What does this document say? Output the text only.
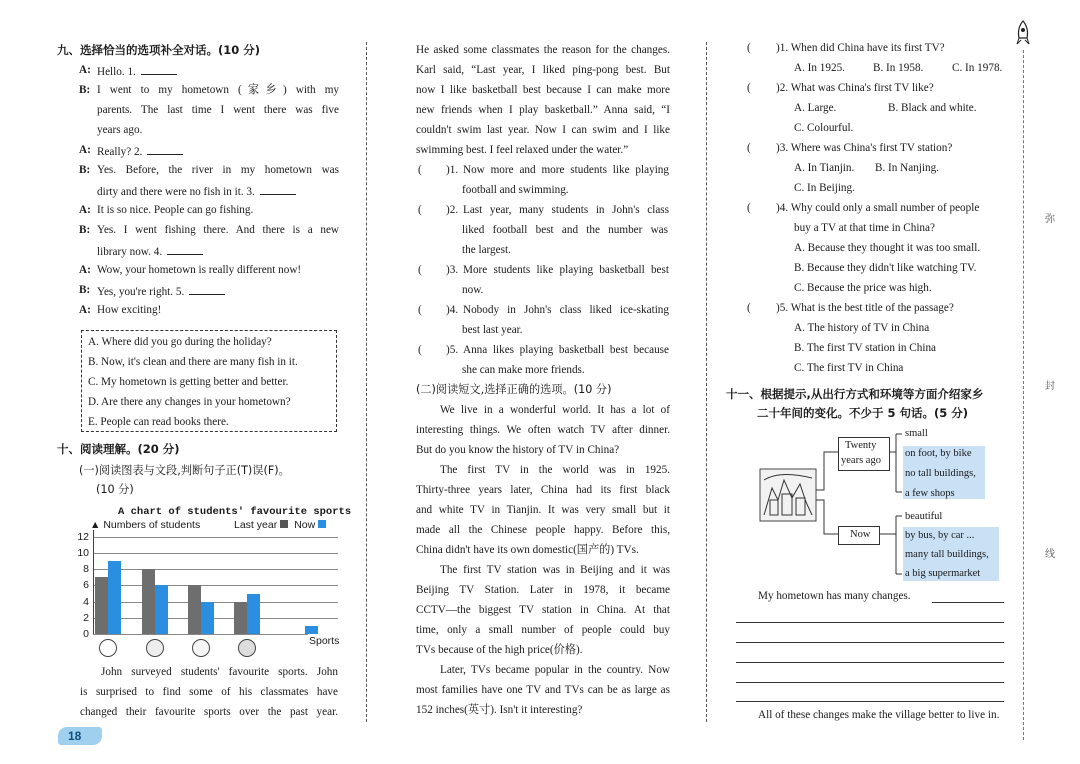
九、选择恰当的选项补全对话。(10 分)
A: Hello. 1.
B: I went to my hometown (家乡) with my
parents. The last time I went there was five
years ago.
A: Really? 2.
B: Yes. Before, the river in my hometown was
dirty and there were no fish in it. 3.
A: It is so nice. People can go fishing.
B: Yes. I went fishing there. And there is a new
library now. 4.
A: Wow, your hometown is really different now!
B: Yes, you're right. 5.
A: How exciting!
A. Where did you go during the holiday?
B. Now, it's clean and there are many fish in it.
C. My hometown is getting better and better.
D. Are there any changes in your hometown?
E. People can read books there.
十、阅读理解。(20 分)
(一)阅读图表与文段,判断句子正(T)误(F)。
(10 分)
A chart of students' favourite sports
▲ Numbers of students	Last year Now
0
2
4
6
8
10
12
Sports
John surveyed students' favourite sports. John
is surprised to find some of his classmates have
changed their favourite sports over the past year.
18
He asked some classmates the reason for the changes.
Karl said, “Last year, I liked ping-pong best. But
now I like basketball best because I can make more
new friends when I play basketball.” Anna said, “I
couldn't swim last year. Now I can swim and I like
swimming best. I feel relaxed under the water.”
( )1. Now more and more students like playing
football and swimming.
( )2. Last year, many students in John's class
liked football best and the number was
the largest.
( )3. More students like playing basketball best
now.
( )4. Nobody in John's class liked ice-skating
best last year.
( )5. Anna likes playing basketball best because
she can make more friends.
(二)阅读短文,选择正确的选项。(10 分)
We live in a wonderful world. It has a lot of
interesting things. We often watch TV after dinner.
But do you know the history of TV in China?
The first TV in the world was in 1925.
Thirty-three years later, China had its first black
and white TV in Tianjin. It was very small but it
made all the Chinese people happy. Before this,
China didn't have its own domestic(国产的) TVs.
The first TV station was in Beijing and it was
Beijing TV Station. Later in 1978, it became
CCTV—the biggest TV station in China. At that
time, only a small number of people could buy
TVs because of the high price(价格).
Later, TVs became popular in the country. Now
most families have one TV and TVs can be as large as
152 inches(英寸). Isn't it interesting?
( )1. When did China have its first TV?
A. In 1925.	B. In 1958.	C. In 1978.
( )2. What was China's first TV like?
A. Large.	B. Black and white.
C. Colourful.
( )3. Where was China's first TV station?
A. In Tianjin. B. In Nanjing.
C. In Beijing.
( )4. Why could only a small number of people
buy a TV at that time in China?
A. Because they thought it was too small.
B. Because they didn't like watching TV.
C. Because the price was high.
( )5. What is the best title of the passage?
A. The history of TV in China
B. The first TV station in China
C. The first TV in China
十一、根据提示,从出行方式和环境等方面介绍家乡
二十年间的变化。不少于 5 句话。(5 分)
Twenty
years ago
Now
small
on foot, by bike
no tall buildings,
a few shops
beautiful
by bus, by car ...
many tall buildings,
a big supermarket
My hometown has many changes.
All of these changes make the village better to live in.
弥
封
线
